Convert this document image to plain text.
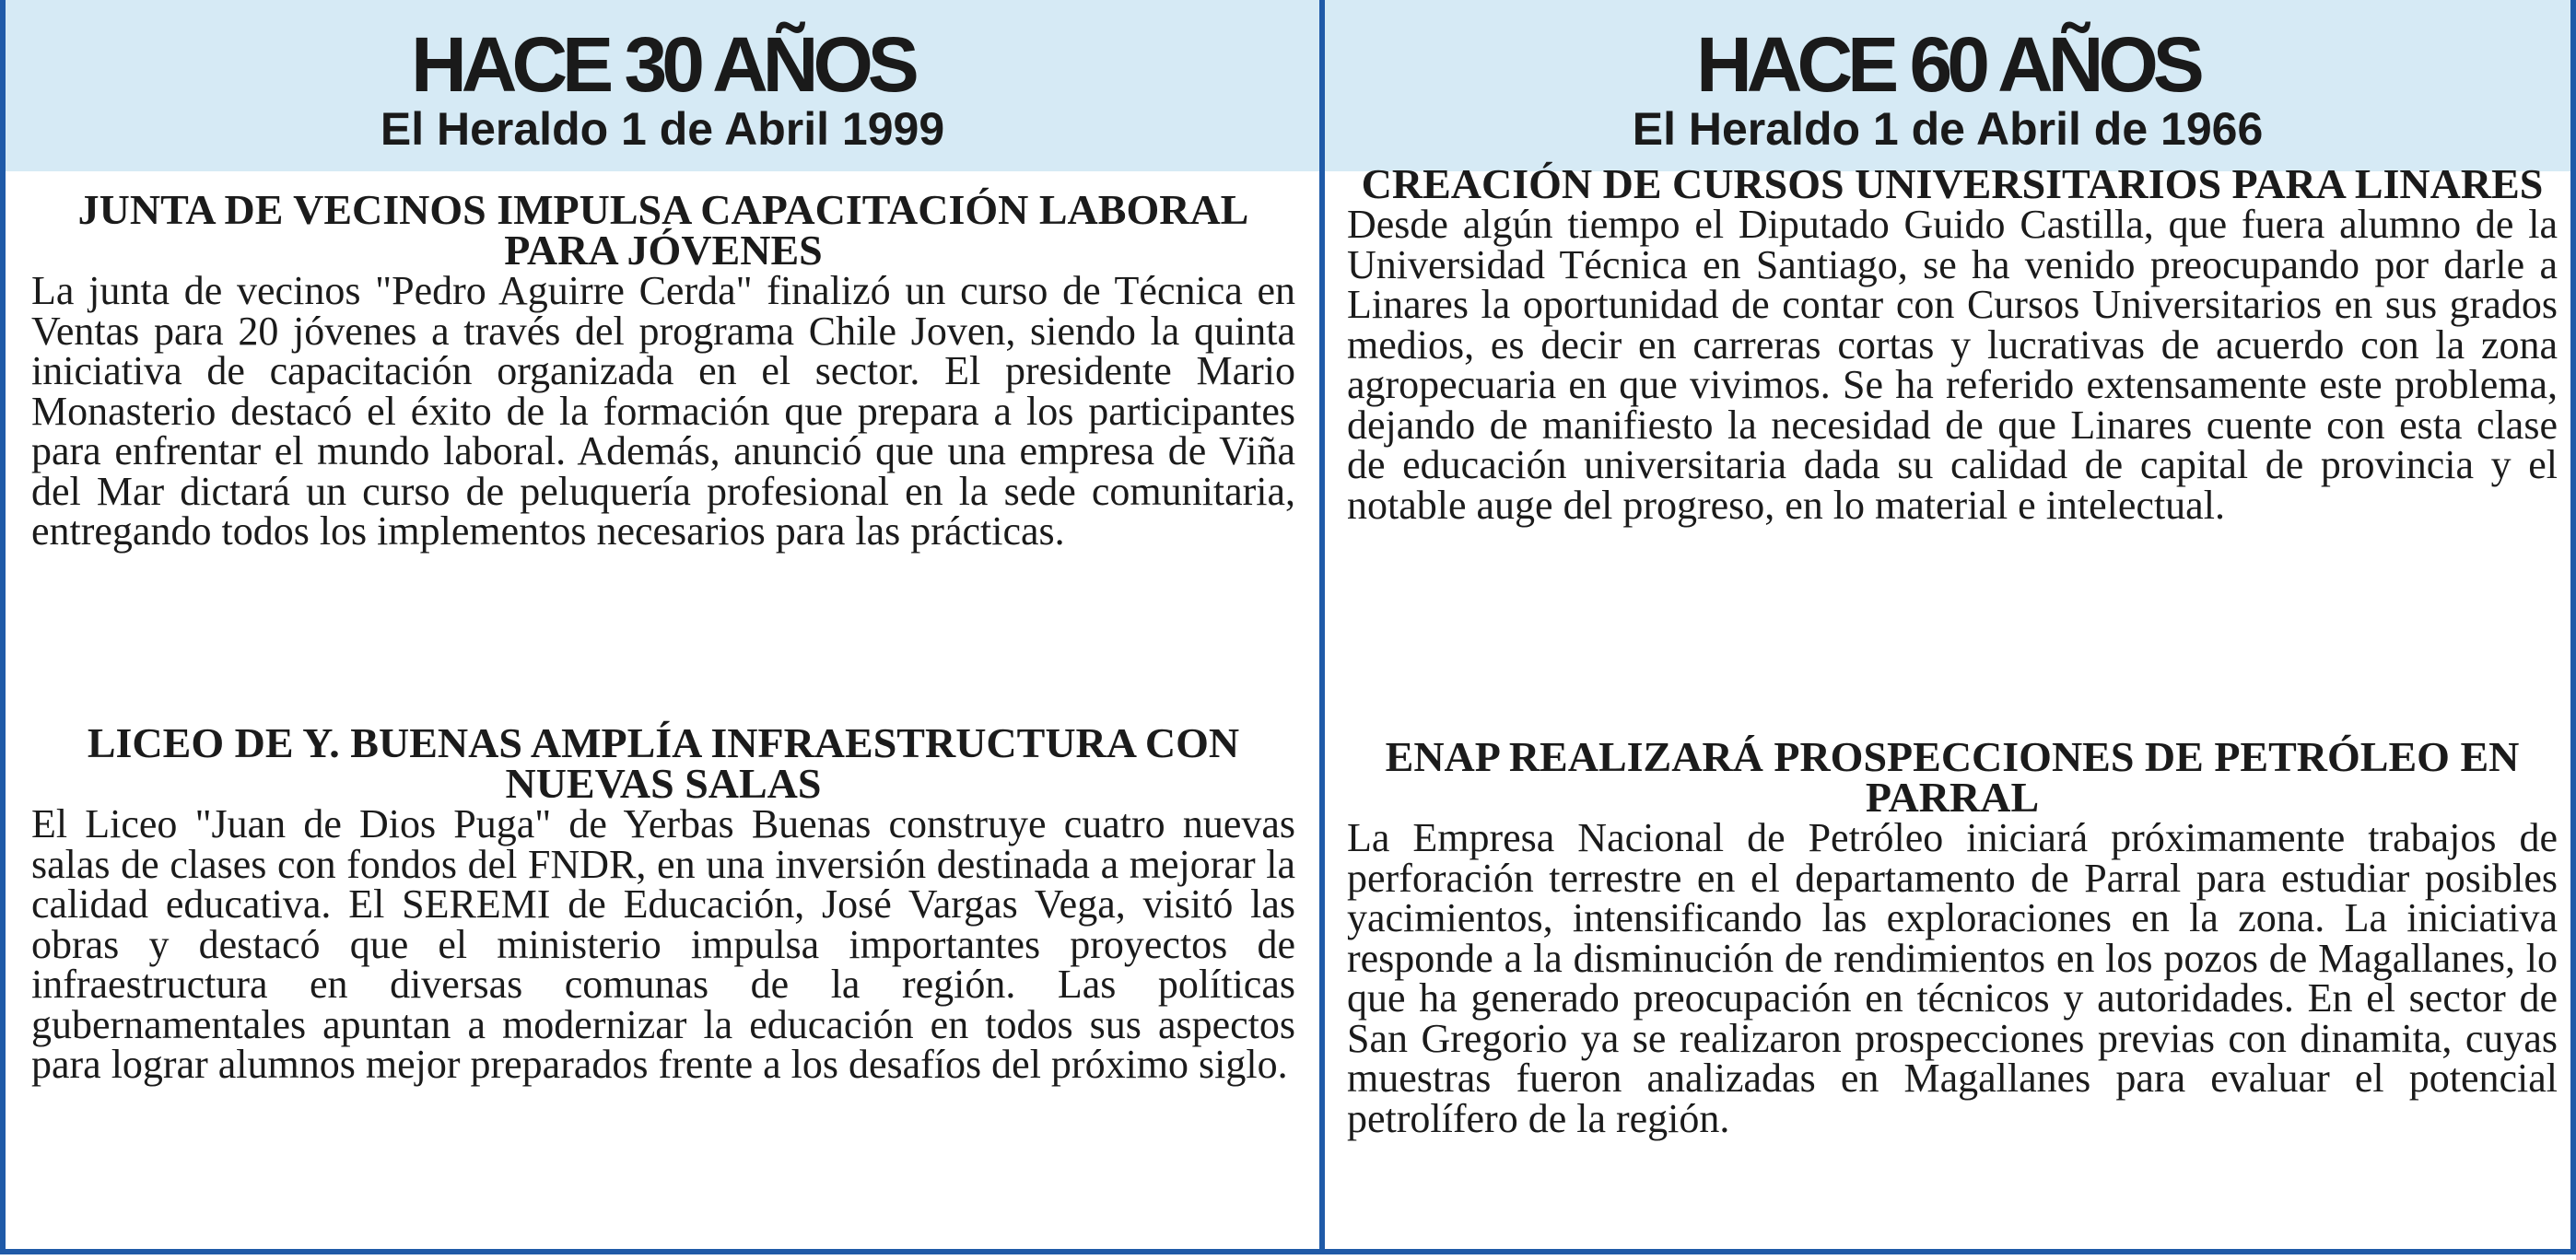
HACE 30 AÑOS
El Heraldo 1 de Abril 1999
JUNTA DE VECINOS IMPULSA CAPACITACIÓN LABORAL PARA JÓVENES

La junta de vecinos "Pedro Aguirre Cerda" finalizó un curso de Técnica en Ventas para 20 jóvenes a través del programa Chile Joven, siendo la quinta iniciativa de capacitación organizada en el sector. El presidente Mario Monasterio destacó el éxito de la formación que prepara a los participantes para enfrentar el mundo laboral. Además, anunció que una empresa de Viña del Mar dictará un curso de peluquería profesional en la sede comunitaria, entregando todos los implementos necesarios para las prácticas.

LICEO DE Y. BUENAS AMPLÍA INFRAESTRUCTURA CON NUEVAS SALAS

El Liceo "Juan de Dios Puga" de Yerbas Buenas construye cuatro nuevas salas de clases con fondos del FNDR, en una inversión destinada a mejorar la calidad educativa. El SEREMI de Educación, José Vargas Vega, visitó las obras y destacó que el ministerio impulsa importantes proyectos de infraestructura en diversas comunas de la región. Las políticas gubernamentales apuntan a modernizar la educación en todos sus aspectos para lograr alumnos mejor preparados frente a los desafíos del próximo siglo.

HACE 60 AÑOS
El Heraldo 1 de Abril de 1966
CREACIÓN DE CURSOS UNIVERSITARIOS PARA LINARES

Desde algún tiempo el Diputado Guido Castilla, que fuera alumno de la Universidad Técnica en Santiago, se ha venido preocupando por darle a Linares la oportunidad de contar con Cursos Universitarios en sus grados medios, es decir en carreras cortas y lucrativas de acuerdo con la zona agropecuaria en que vivimos. Se ha referido extensamente este problema, dejando de manifiesto la necesidad de que Linares cuente con esta clase de educación universitaria dada su calidad de capital de provincia y el notable auge del progreso, en lo material e intelectual.

ENAP REALIZARÁ PROSPECCIONES DE PETRÓLEO EN PARRAL

La Empresa Nacional de Petróleo iniciará próximamente trabajos de perforación terrestre en el departamento de Parral para estudiar posibles yacimientos, intensificando las exploraciones en la zona. La iniciativa responde a la disminución de rendimientos en los pozos de Magallanes, lo que ha generado preocupación en técnicos y autoridades. En el sector de San Gregorio ya se realizaron prospecciones previas con dinamita, cuyas muestras fueron analizadas en Magallanes para evaluar el potencial petrolífero de la región.
